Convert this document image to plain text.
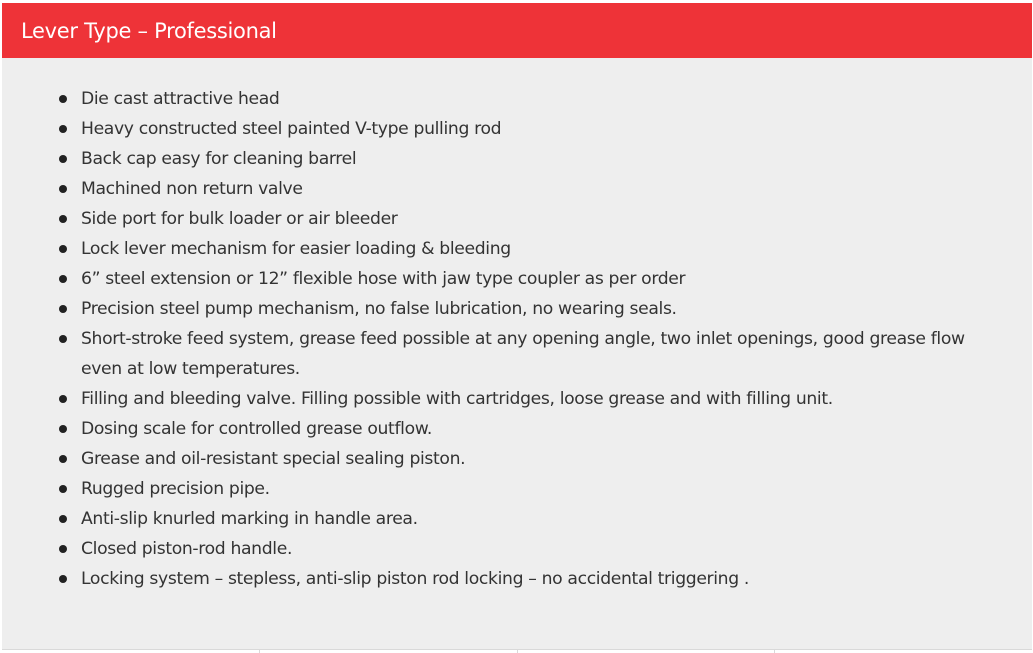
Lever Type – Professional
Die cast attractive head
Heavy constructed steel painted V-type pulling rod
Back cap easy for cleaning barrel
Machined non return valve
Side port for bulk loader or air bleeder
Lock lever mechanism for easier loading & bleeding
6” steel extension or 12” flexible hose with jaw type coupler as per order
Precision steel pump mechanism, no false lubrication, no wearing seals.
Short-stroke feed system, grease feed possible at any opening angle, two inlet openings, good grease flow even at low temperatures.
Filling and bleeding valve. Filling possible with cartridges, loose grease and with filling unit.
Dosing scale for controlled grease outflow.
Grease and oil-resistant special sealing piston.
Rugged precision pipe.
Anti-slip knurled marking in handle area.
Closed piston-rod handle.
Locking system – stepless, anti-slip piston rod locking – no accidental triggering .
